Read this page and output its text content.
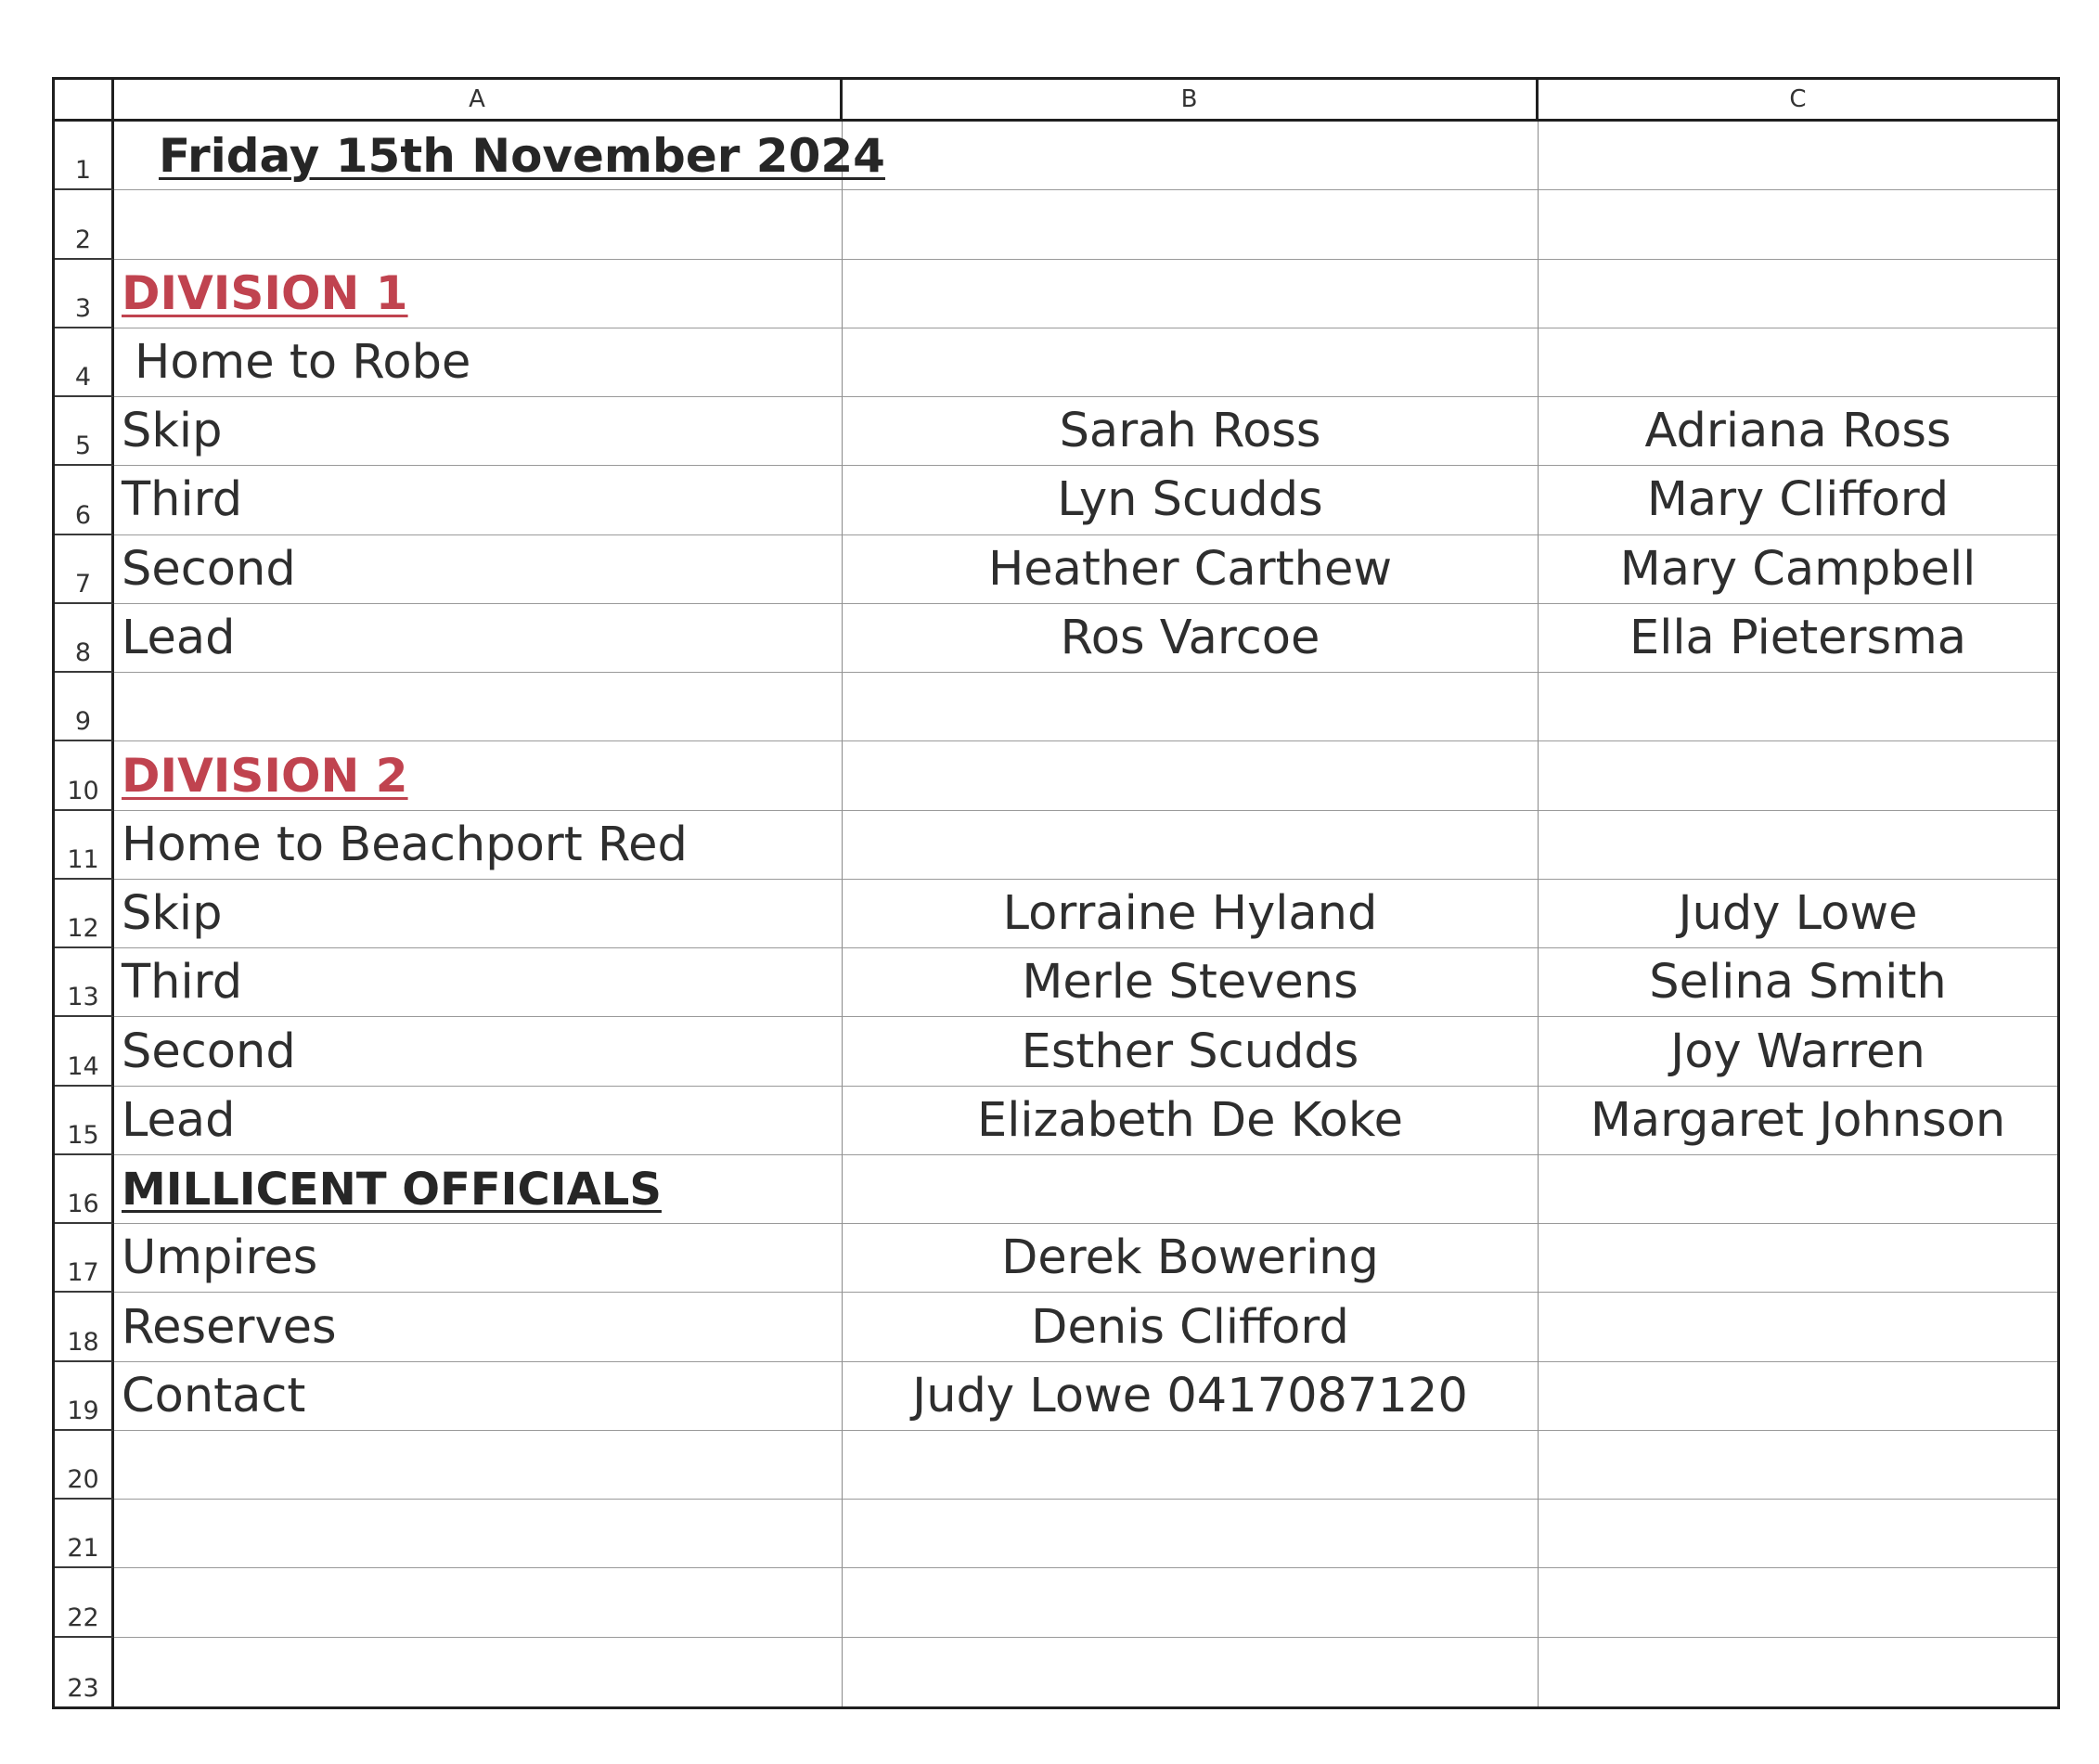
A	B	C
1	Friday 15th November 2024
2
3 DIVISION 1
4 Home to Robe
5 Skip	Sarah Ross	Adriana Ross
6 Third	Lyn Scudds	Mary Clifford
7 Second	Heather Carthew	Mary Campbell
8 Lead	Ros Varcoe	Ella Pietersma
9
10 DIVISION 2
11 Home to Beachport Red
12 Skip	Lorraine Hyland	Judy Lowe
13 Third	Merle Stevens	Selina Smith
14 Second	Esther Scudds	Joy Warren
15 Lead	Elizabeth De Koke	Margaret Johnson
16 MILLICENT OFFICIALS
17 Umpires	Derek Bowering
18 Reserves	Denis Clifford
19 Contact	Judy Lowe 0417087120
20
21
22
23
